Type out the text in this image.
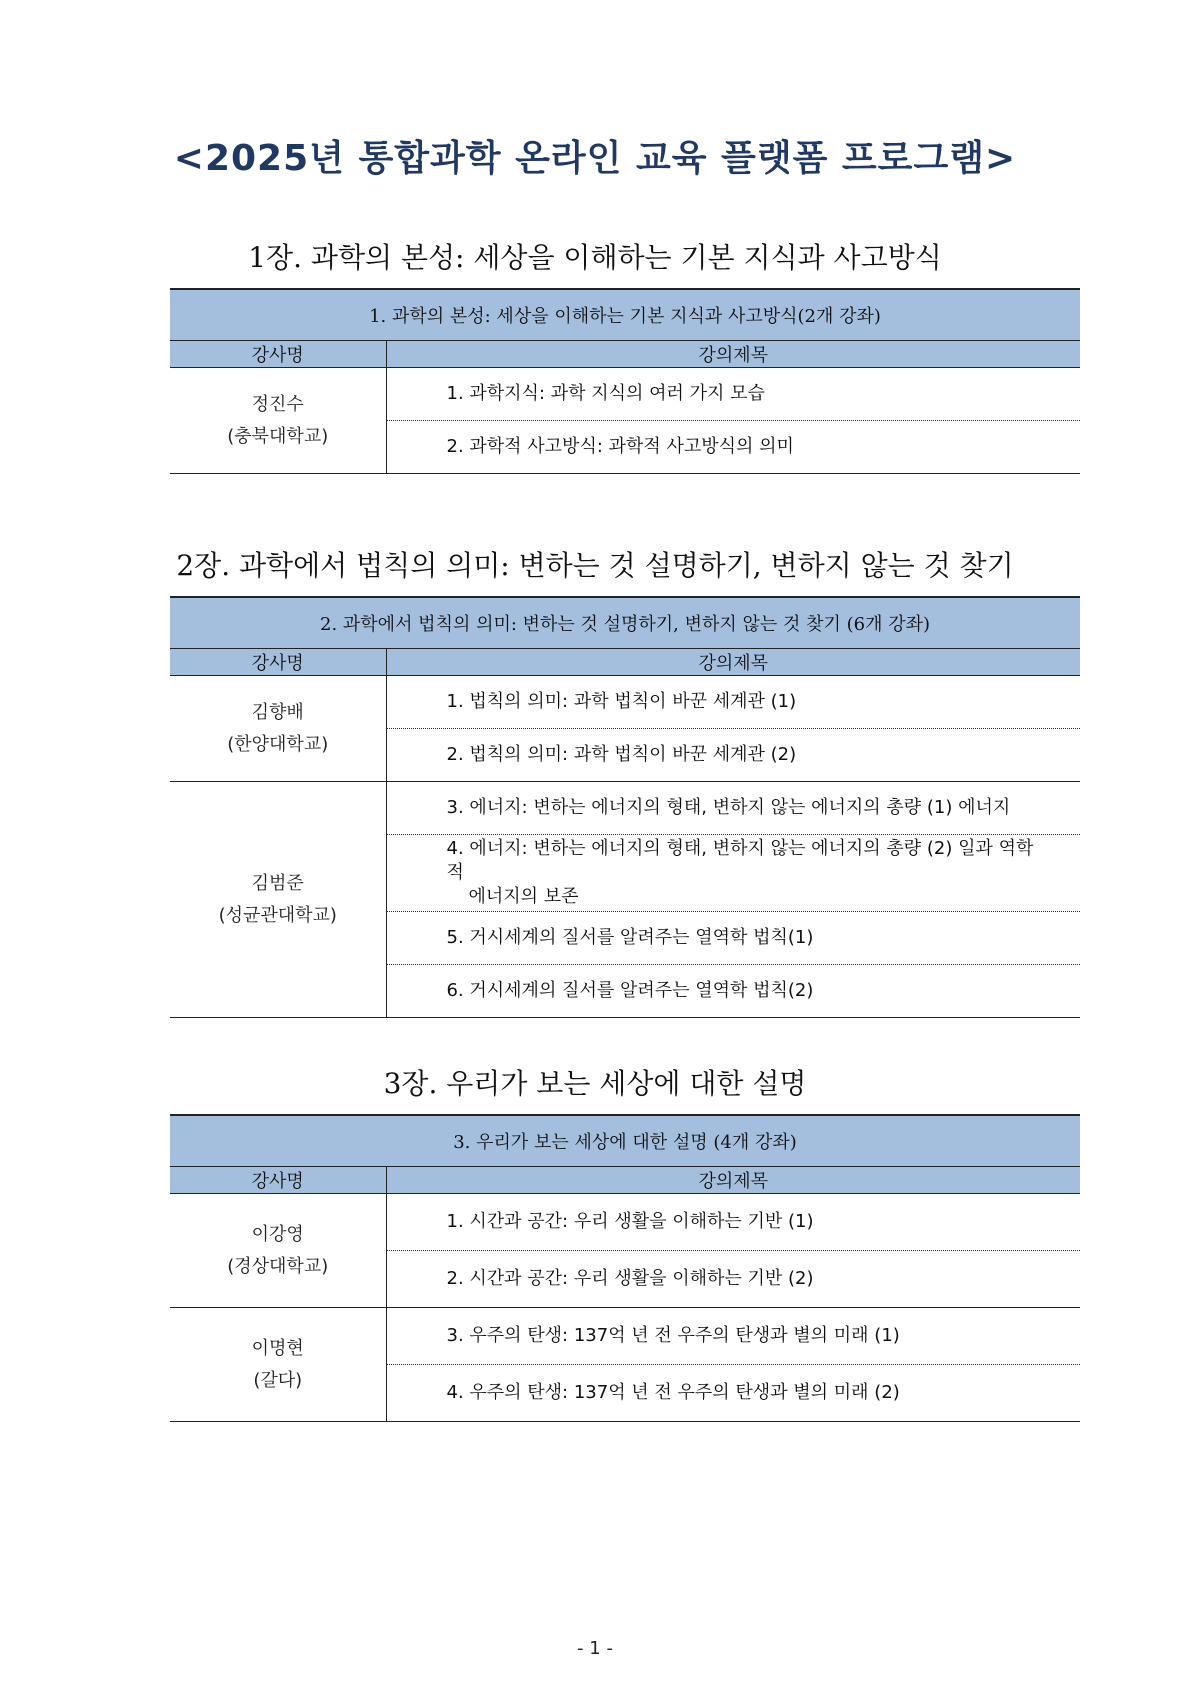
<2025년 통합과학 온라인 교육 플랫폼 프로그램>
1장. 과학의 본성: 세상을 이해하는 기본 지식과 사고방식
1. 과학의 본성: 세상을 이해하는 기본 지식과 사고방식(2개 강좌)	
강사명	강의제목

정진수
(충북대학교)	1. 과학지식: 과학 지식의 여러 가지 모습
	2. 과학적 사고방식: 과학적 사고방식의 의미
2장. 과학에서 법칙의 의미: 변하는 것 설명하기, 변하지 않는 것 찾기
2. 과학에서 법칙의 의미: 변하는 것 설명하기, 변하지 않는 것 찾기 (6개 강좌)	
강사명	강의제목

김향배
(한양대학교)	1. 법칙의 의미: 과학 법칙이 바꾼 세계관 (1)
	2. 법칙의 의미: 과학 법칙이 바꾼 세계관 (2)

김범준
(성균관대학교)	3. 에너지: 변하는 에너지의 형태, 변하지 않는 에너지의 총량 (1) 에너지
	4. 에너지: 변하는 에너지의 형태, 변하지 않는 에너지의 총량 (2) 일과 역학적
에너지의 보존

	5. 거시세계의 질서를 알려주는 열역학 법칙(1)
	6. 거시세계의 질서를 알려주는 열역학 법칙(2)
3장. 우리가 보는 세상에 대한 설명
3. 우리가 보는 세상에 대한 설명 (4개 강좌)	
강사명	강의제목

이강영
(경상대학교)	1. 시간과 공간: 우리 생활을 이해하는 기반 (1)
	2. 시간과 공간: 우리 생활을 이해하는 기반 (2)

이명현
(갈다)	3. 우주의 탄생: 137억 년 전 우주의 탄생과 별의 미래 (1)
	4. 우주의 탄생: 137억 년 전 우주의 탄생과 별의 미래 (2)
- 1 -
